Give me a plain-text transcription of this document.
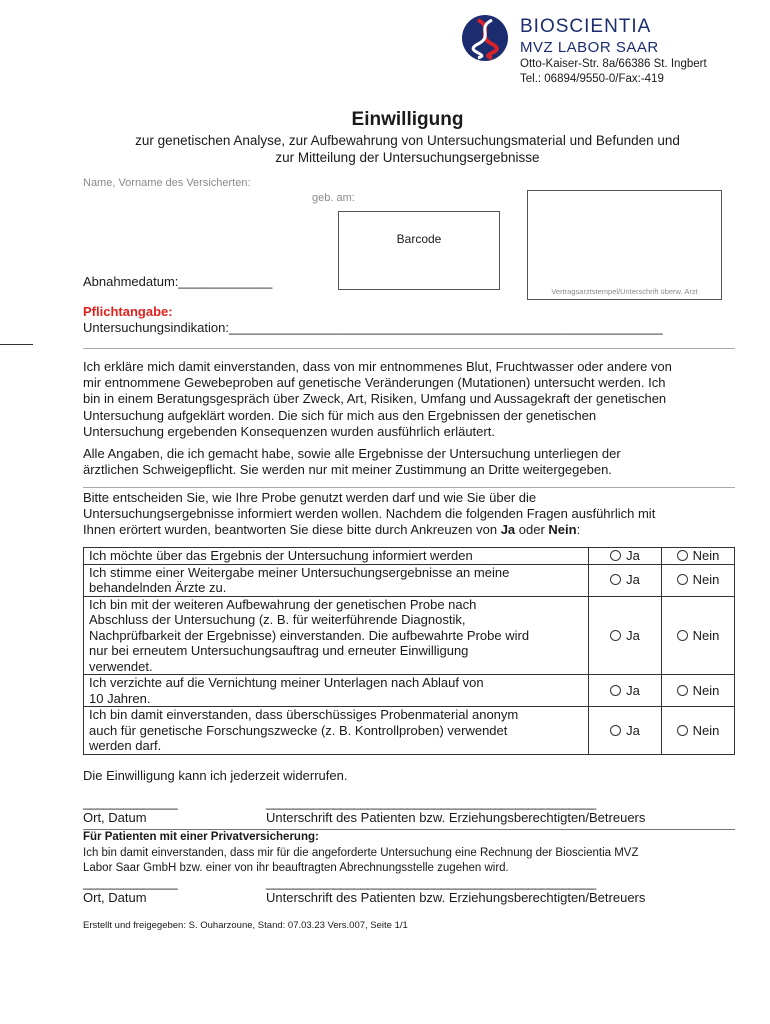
BIOSCIENTIA
MVZ LABOR SAAR
Otto-Kaiser-Str. 8a/66386 St. Ingbert
Tel.: 06894/9550-0/Fax:-419
Einwilligung
zur genetischen Analyse, zur Aufbewahrung von Untersuchungsmaterial und Befunden und
zur Mitteilung der Untersuchungsergebnisse
Name, Vorname des Versicherten:
geb. am:
Barcode
Vertragsarztstempel/Unterschrift überw. Arzt
Abnahmedatum:_____________
Pflichtangabe:
Untersuchungsindikation:____________________________________________________________
Ich erkläre mich damit einverstanden, dass von mir entnommenes Blut, Fruchtwasser oder andere von
mir entnommene Gewebeproben auf genetische Veränderungen (Mutationen) untersucht werden. Ich
bin in einem Beratungsgespräch über Zweck, Art, Risiken, Umfang und Aussagekraft der genetischen
Untersuchung aufgeklärt worden. Die sich für mich aus den Ergebnissen der genetischen
Untersuchung ergebenden Konsequenzen wurden ausführlich erläutert.
Alle Angaben, die ich gemacht habe, sowie alle Ergebnisse der Untersuchung unterliegen der
ärztlichen Schweigepflicht. Sie werden nur mit meiner Zustimmung an Dritte weitergegeben.
Bitte entscheiden Sie, wie Ihre Probe genutzt werden darf und wie Sie über die
Untersuchungsergebnisse informiert werden wollen. Nachdem die folgenden Fragen ausführlich mit
Ihnen erörtert wurden, beantworten Sie diese bitte durch Ankreuzen von Ja oder Nein:
Ich möchte über das Ergebnis der Untersuchung informiert werden	Ja	Nein

Ich stimme einer Weitergabe meiner Untersuchungsergebnisse an meine
behandelnden Ärzte zu.	Ja	Nein

Ich bin mit der weiteren Aufbewahrung der genetischen Probe nach
Abschluss der Untersuchung (z. B. für weiterführende Diagnostik,
Nachprüfbarkeit der Ergebnisse) einverstanden. Die aufbewahrte Probe wird
nur bei erneutem Untersuchungsauftrag und erneuter Einwilligung
verwendet.	Ja	Nein

Ich verzichte auf die Vernichtung meiner Unterlagen nach Ablauf von
10 Jahren.	Ja	Nein

Ich bin damit einverstanden, dass überschüssiges Probenmaterial anonym
auch für genetische Forschungszwecke (z. B. Kontrollproben) verwendet
werden darf.	Ja	Nein
Die Einwilligung kann ich jederzeit widerrufen.
______________	_________________________________________________
Ort, Datum	Unterschrift des Patienten bzw. Erziehungsberechtigten/Betreuers
Für Patienten mit einer Privatversicherung:
Ich bin damit einverstanden, dass mir für die angeforderte Untersuchung eine Rechnung der Bioscientia MVZ
Labor Saar GmbH bzw. einer von ihr beauftragten Abrechnungsstelle zugehen wird.
______________	_________________________________________________
Ort, Datum	Unterschrift des Patienten bzw. Erziehungsberechtigten/Betreuers
Erstellt und freigegeben: S. Ouharzoune, Stand: 07.03.23 Vers.007, Seite 1/1
